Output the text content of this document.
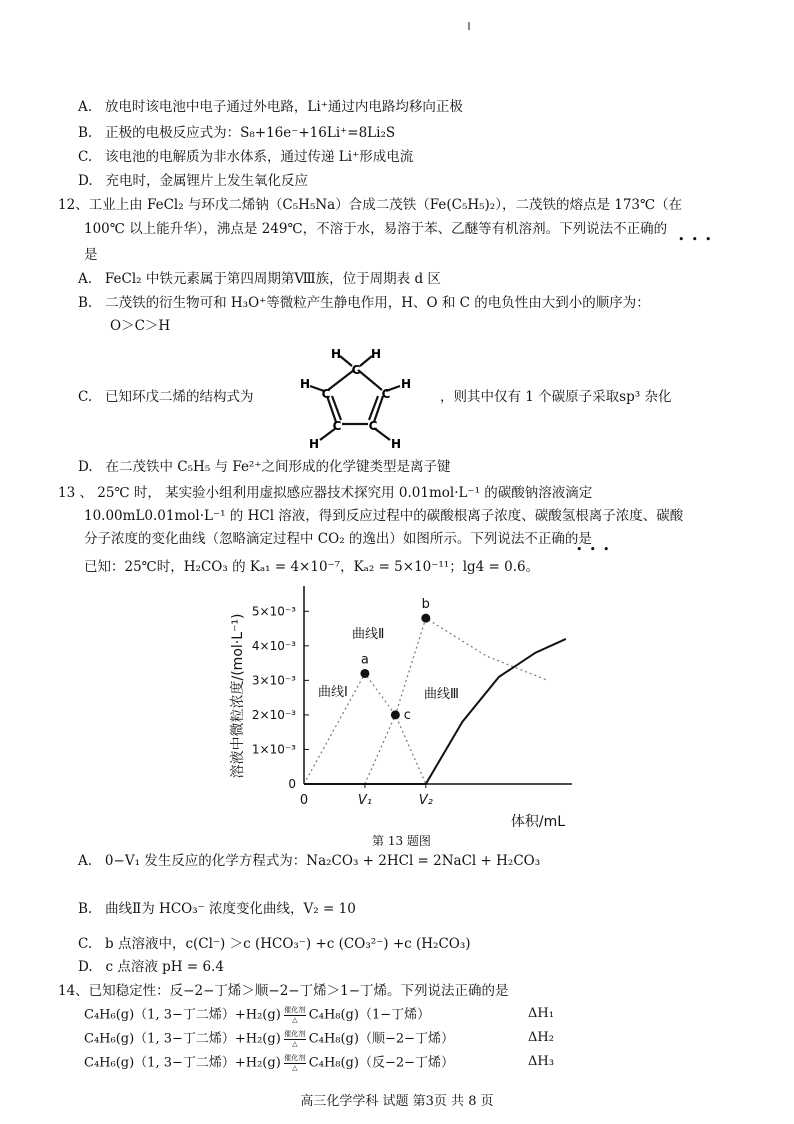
A. 放电时该电池中电子通过外电路，Li⁺通过内电路均移向正极
B. 正极的电极反应式为：S₈+16e⁻+16Li⁺=8Li₂S
C. 该电池的电解质为非水体系，通过传递 Li⁺形成电流
D. 充电时，金属锂片上发生氧化反应
12、工业上由 FeCl₂ 与环戊二烯钠（C₅H₅Na）合成二茂铁（Fe(C₅H₅)₂），二茂铁的熔点是 173℃（在
100℃ 以上能升华），沸点是 249℃，不溶于水，易溶于苯、乙醚等有机溶剂。下列说法不正确的
•  •  •
是
A. FeCl₂ 中铁元素属于第四周期第Ⅷ族，位于周期表 d 区
B. 二茂铁的衍生物可和 H₃O⁺等微粒产生静电作用，H、O 和 C 的电负性由大到小的顺序为：
O＞C＞H
C. 已知环戊二烯的结构式为	，则其中仅有 1 个碳原子采取sp³ 杂化
C
C	C
C C
H H
H	H
H	H
D. 在二茂铁中 C₅H₅ 与 Fe²⁺之间形成的化学键类型是离子键
13 、 25℃ 时， 某实验小组利用虚拟感应器技术探究用 0.01mol·L⁻¹ 的碳酸钠溶液滴定
10.00mL0.01mol·L⁻¹ 的 HCl 溶液，得到反应过程中的碳酸根离子浓度、碳酸氢根离子浓度、碳酸
分子浓度的变化曲线（忽略滴定过程中 CO₂ 的逸出）如图所示。下列说法不正确的是
•  •  •
已知：25℃时，H₂CO₃ 的 Kₐ₁ = 4×10⁻⁷，Kₐ₂ = 5×10⁻¹¹；lg4 = 0.6。
0
1×10⁻³
2×10⁻³
3×10⁻³
4×10⁻³
5×10⁻³
0	V₁	V₂
a
b
c
溶液中微粒浓度/(mol·L⁻¹)
体积/mL
曲线Ⅰ
曲线Ⅱ
曲线Ⅲ
第 13 题图
A. 0−V₁ 发生反应的化学方程式为：Na₂CO₃ + 2HCl = 2NaCl + H₂CO₃
B. 曲线Ⅱ为 HCO₃⁻ 浓度变化曲线，V₂ = 10
C. b 点溶液中，c(Cl⁻) ＞c (HCO₃⁻) +c (CO₃²⁻) +c (H₂CO₃)
D. c 点溶液 pH = 6.4
14、已知稳定性：反−2−丁烯＞顺−2−丁烯＞1−丁烯。下列说法正确的是
C₄H₆(g)（1, 3−丁二烯）+H₂(g) 催化剂
△ C₄H₈(g)（1−丁烯）	ΔH₁
C₄H₆(g)（1, 3−丁二烯）+H₂(g) 催化剂
△ C₄H₈(g)（顺−2−丁烯）	ΔH₂
C₄H₆(g)（1, 3−丁二烯）+H₂(g) 催化剂
△ C₄H₈(g)（反−2−丁烯）	ΔH₃
高三化学学科 试题 第3页 共 8 页
